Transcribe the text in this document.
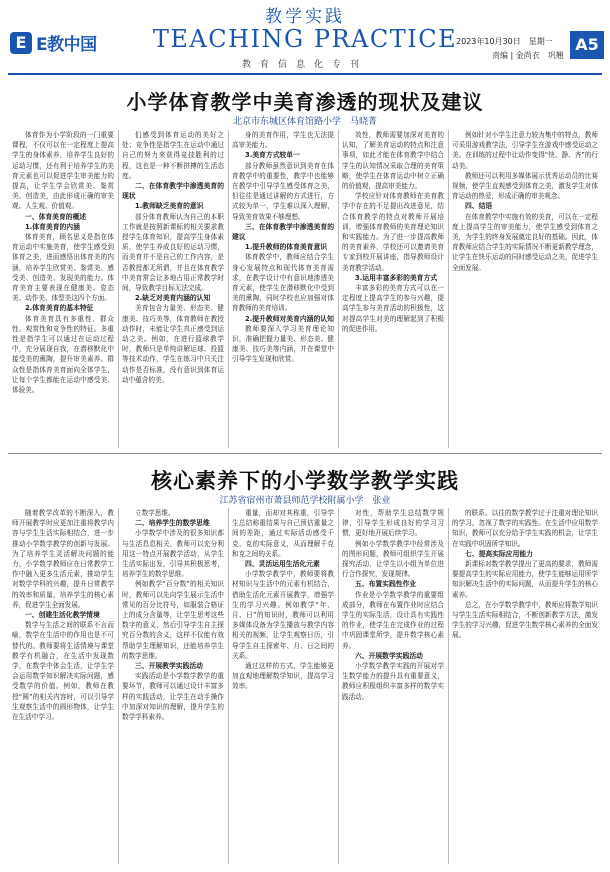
E E教中国
教学实践
TEACHING PRACTICE
教育信息化专刊
2023年10月30日　星期一
责编 | 金尚衣　巩翘
A5
小学体育教学中美育渗透的现状及建议
北京市东城区体育馆路小学　马晓菁

体育作为小学阶段的一门重要课程，不仅可以在一定程度上提高学生的身体素养，培养学生良好的运动习惯，还有利于培养学生的美育元素也可以促进学生审美能力的提高，让学生学会欣赏美、鉴赏美、创造美，由此形成正确的审美观、人生观、价值观。

一、体育美育的概述
1.体育美育的内涵

体育美育，顾名思义是指在体育运动中实施美育，使学生感受到体育之美，进而感悟出体育美的内涵，培养学生欣赏美、鉴赏美、感受美、创造美、发现美的能力。体育美育主要表现在健康美、姿态美、动作美、体型美这四个方面。

2.体育美育的基本特征

体育美育具有多重性、群众性、观赏性和竞争性的特征。多重性是指学生可以通过在运动过程中，充分展现自我，在潜移默化中接受美的熏陶，提升审美素养。群众性是指体育美育面向全体学生，让每个学生都能在运动中感受美、体验美。

们感受到体育运动的美好之处；竞争性是指学生在运动中通过自己的努力来获得竞技胜利的过程，这也是一种不断拼搏的生活态度。

二、在体育教学中渗透美育的现状
1.教师缺乏美育的意识

部分体育教师认为自己的本职工作就是按照新课标的相关要求教授学生体育知识，提高学生身体素质，使学生养成良好的运动习惯，而美育并不是自己的工作内容，是否教授都无所谓，并且在体育教学中美育常会让多地占用正常教学时间，导致教学目标无法完成。

2.缺乏对美育内涵的认知

美育包含力量美、形态美、健康美、技巧美等，体育教师在教授动作时，未能让学生真正感受到运动之美。例如，在进行篮球教学时，教师只是单纯讲解运球、投篮等技术动作，学生在练习中只关注动作是否标准，没有意识到体育运动中蕴含的美。

身的美育作用，学生也无法提高审美能力。

3.美育方式较单一

部分教师虽然意识到美育在体育教学中的重要性，教学中也能够在教学中引导学生感受体育之美，但往往是通过讲解的方式进行，方式较为单一，学生难以深入理解，导致美育效果不够理想。

三、在体育教学中渗透美育的建议
1.提升教师的体育美育意识

体育教学中，教师应结合学生身心发展特点和现代体育美育需求，在教学设计中有意识地渗透美育元素，使学生在潜移默化中受到美的熏陶，同时学校也应加强对体育教师的美育培训。

2.提升教师对美育内涵的认知

教师要深入学习美育理论知识，准确把握力量美、形态美、健康美、技巧美等内涵，并在课堂中引导学生发现和欣赏。

效性，教师需要加深对美育的认知，了解美育运动的特点和注意事项，如此才能在体育教学中结合学生的认知情况采取合理的美育策略，使学生在体育运动中树立正确的价值观，提高审美能力。

学校应针对体育教师在美育教学中存在的不足提出改进意见，结合体育教学的特点对教师开展培训，增强体育教师的美育理论知识和实践能力。为了进一步提高教师的美育素养，学校还可以邀请美育专家到校开展讲座，指导教师设计美育教学活动。

3.运用丰富多彩的美育方式

丰富多彩的美育方式可以在一定程度上提高学生的参与兴趣，提高学生参与美育活动的积极性，这对提高学生对美的理解起到了积极的促进作用。

例如针对小学生注意力较为集中的特点，教师可采用游戏教学法，引导学生在游戏中感受运动之美。在训练的过程中让动作变得“快、静、齐”的行动美。

教师还可以利用多媒体展示优秀运动员的比赛视频，使学生直观感受到体育之美，激发学生对体育运动的热爱，形成正确的审美观念。

四、结语

在体育教学中实施有效的美育，可以在一定程度上提高学生的审美能力，使学生感受到体育之美，为学生的终身发展奠定良好的基础。因此，体育教师应结合学生的实际情况不断更新教学理念，让学生在快乐运动的同时感受运动之美，促进学生全面发展。

核心素养下的小学数学教学实践
江苏省宿州市萧县师范学校附属小学　张业

随着教学改革的不断深入，教师开展教学时应更加注重将教学内容与学生生活实际相结合，进一步推动小学数学教学的创新与发展。为了培养学生灵活解决问题的能力，小学数学教师应在日常教学工作中融入更多生活元素，推动学生对数学学科的兴趣，提升日常教学的效率和质量，培养学生的核心素养，促进学生全面发展。

一、创建生活化教学情境

数学与生活之间的联系不言而喻，数学在生活中的作用也是不可替代的。教师要将生活情境与课堂教学有机融合，在生活中发现数学，在数学中体会生活，让学生学会运用数学知识解决实际问题，感受数学的价值。例如，教师在教授“圆”的相关内容时，可以引导学生观察生活中的圆形物体，让学生在生活中学习。

立数学思维。

二、培养学生的数学思维

小学数学中涉及的很多知识都与生活息息相关，教师可以充分利用这一特点开展教学活动，从学生生活实际出发，引导其积极思考，培养学生的数学思维。

例如教学“百分数”的相关知识时，教师可以先向学生展示生活中常见的百分比符号，如服装合格证上的成分含量等，让学生思考这些数字的意义，然后引导学生自主探究百分数的含义，这样不仅能有效帮助学生理解知识，还能培养学生的数学思维。

三、开展教学实践活动

实践活动是小学数学教学的重要环节，教师可以通过设计丰富多样的实践活动，让学生在动手操作中加深对知识的理解，提升学生的数学学科素养。

重量，而却对其称重，引导学生总结称重结果与自己预估重量之间的差距，通过实际活动感受千克、克的实际意义，从而理解千克和克之间的关系。

四、灵活运用生活化元素

小学数学教学中，教师要将教材知识与生活中的元素有机结合，借助生活化元素开展教学，增强学生的学习兴趣。例如教学“年、月、日”的知识时，教师可以利用多媒体设备为学生播放与教学内容相关的视频，让学生观察日历，引导学生自主探索年、月、日之间的关系。

通过这样的方式，学生能够更加直观地理解数学知识，提高学习效率。

对性，帮助学生总结数学规律，引导学生形成良好的学习习惯，更好地开展后续学习。

例如小学数学教学中经常涉及的图形问题，教师可组织学生开展探究活动，让学生以小组为单位进行合作探究，发现规律。

五、布置实践性作业

作业是小学数学教学的重要组成部分，教师在布置作业时应结合学生的实际生活，设计具有实践性的作业，使学生在完成作业的过程中巩固课堂所学，提升数学核心素养。

六、开展数学实践活动

小学数学教学实践的开展对学生数学能力的提升具有重要意义，教师应积极组织丰富多样的数学实践活动。

的联系。以往的数学教学过于注重对理论知识的学习，忽视了数学的实践性。在生活中应用数学知识，教师可以充分给予学生实践的机会，让学生在实践中巩固所学知识。

七、提高实际应用能力

新课标对数学教学提出了更高的要求，教师需要提高学生的实际应用能力，使学生能够运用所学知识解决生活中的实际问题，从而提升学生的核心素养。

总之，在小学数学教学中，教师应将数学知识与学生生活实际相结合，不断创新教学方法，激发学生的学习兴趣，促进学生数学核心素养的全面发展。
